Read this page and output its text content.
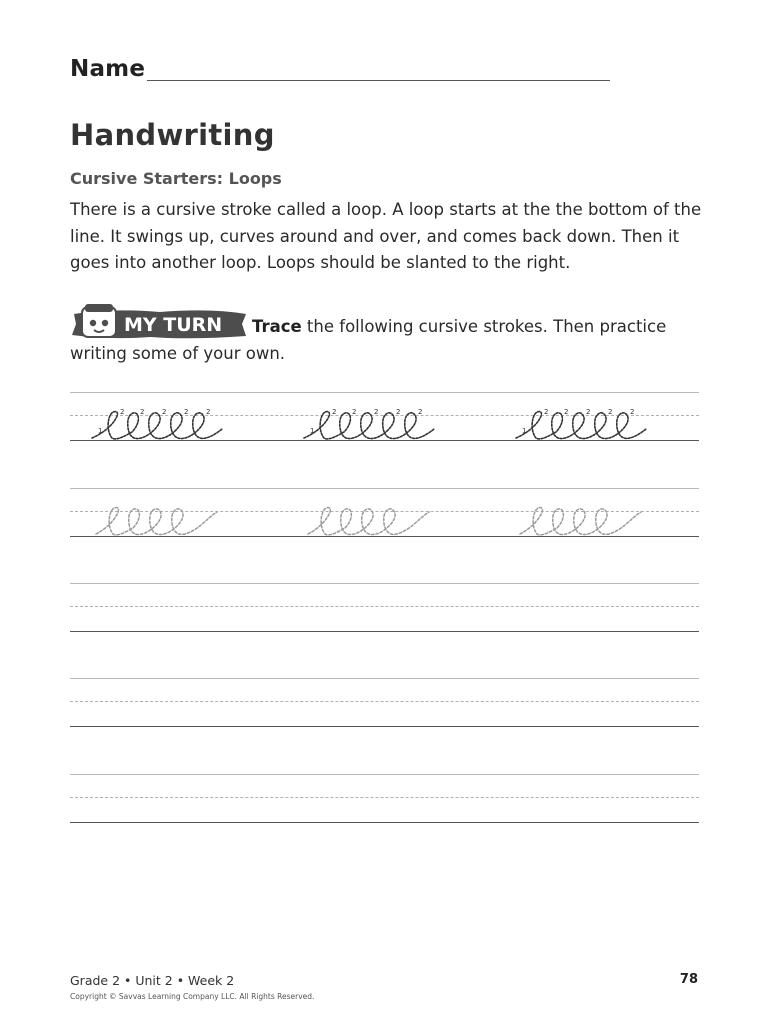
Name
Handwriting
Cursive Starters: Loops
There is a cursive stroke called a loop. A loop starts at the the bottom of the line. It swings up, curves around and over, and comes back down. Then it goes into another loop. Loops should be slanted to the right.
MY TURN	Trace the following cursive strokes. Then practice writing some of your own.
1
2 2	2	2	2
Grade 2 • Unit 2 • Week 2
Copyright © Savvas Learning Company LLC. All Rights Reserved.
78
